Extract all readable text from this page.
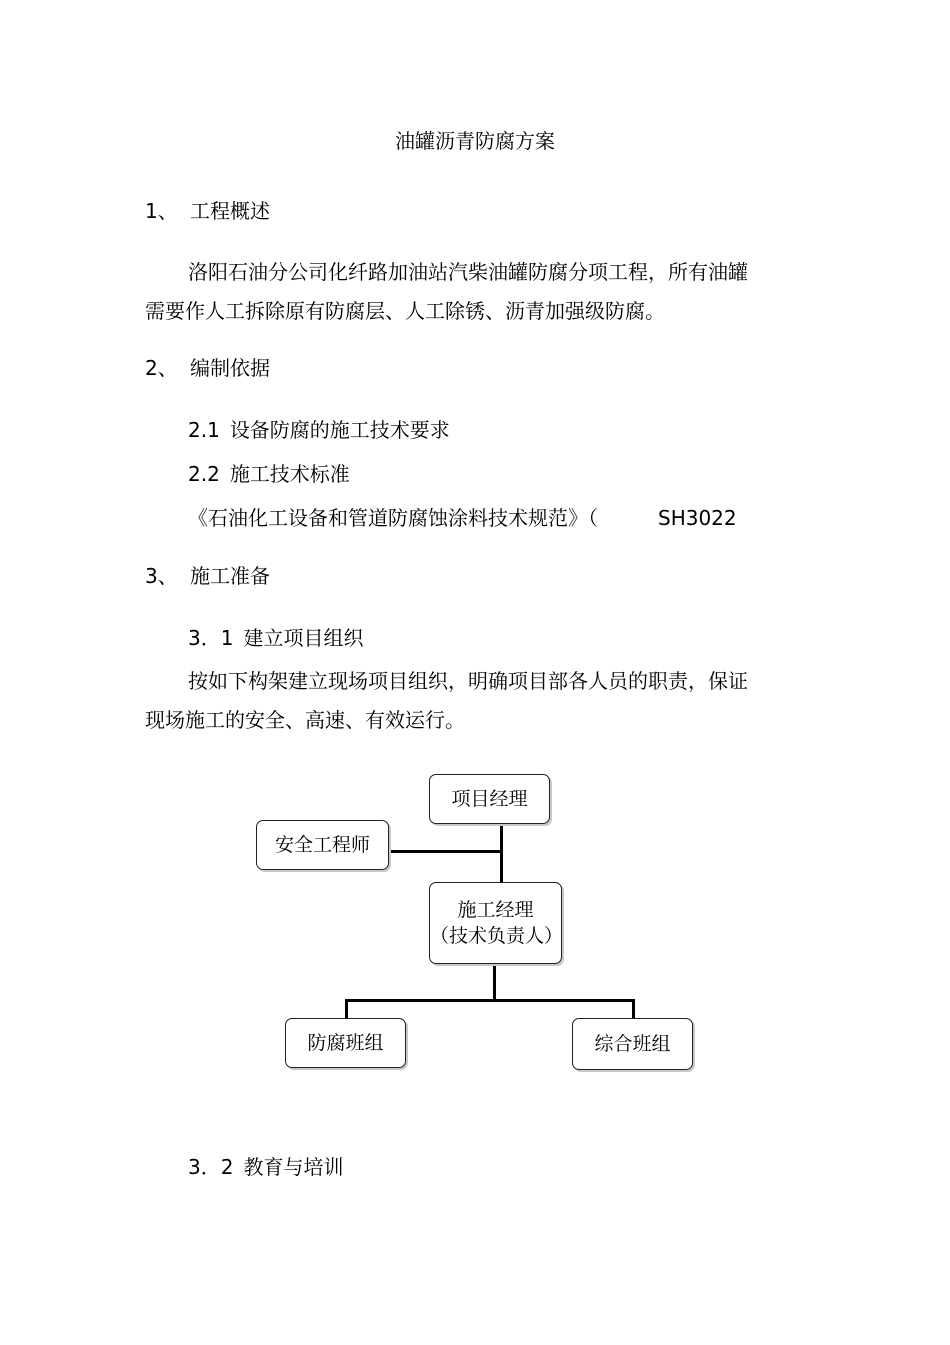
油罐沥青防腐方案
1、 工程概述
洛阳石油分公司化纤路加油站汽柴油罐防腐分项工程，所有油罐
需要作人工拆除原有防腐层、人工除锈、沥青加强级防腐。
2、 编制依据
2.1 设备防腐的施工技术要求
2.2 施工技术标准
《石油化工设备和管道防腐蚀涂料技术规范》（	SH3022
3、 施工准备
3．1 建立项目组织
按如下构架建立现场项目组织，明确项目部各人员的职责，保证
现场施工的安全、高速、有效运行。
项目经理
安全工程师
施工经理
（技术负责人）
防腐班组	综合班组
3．2 教育与培训
